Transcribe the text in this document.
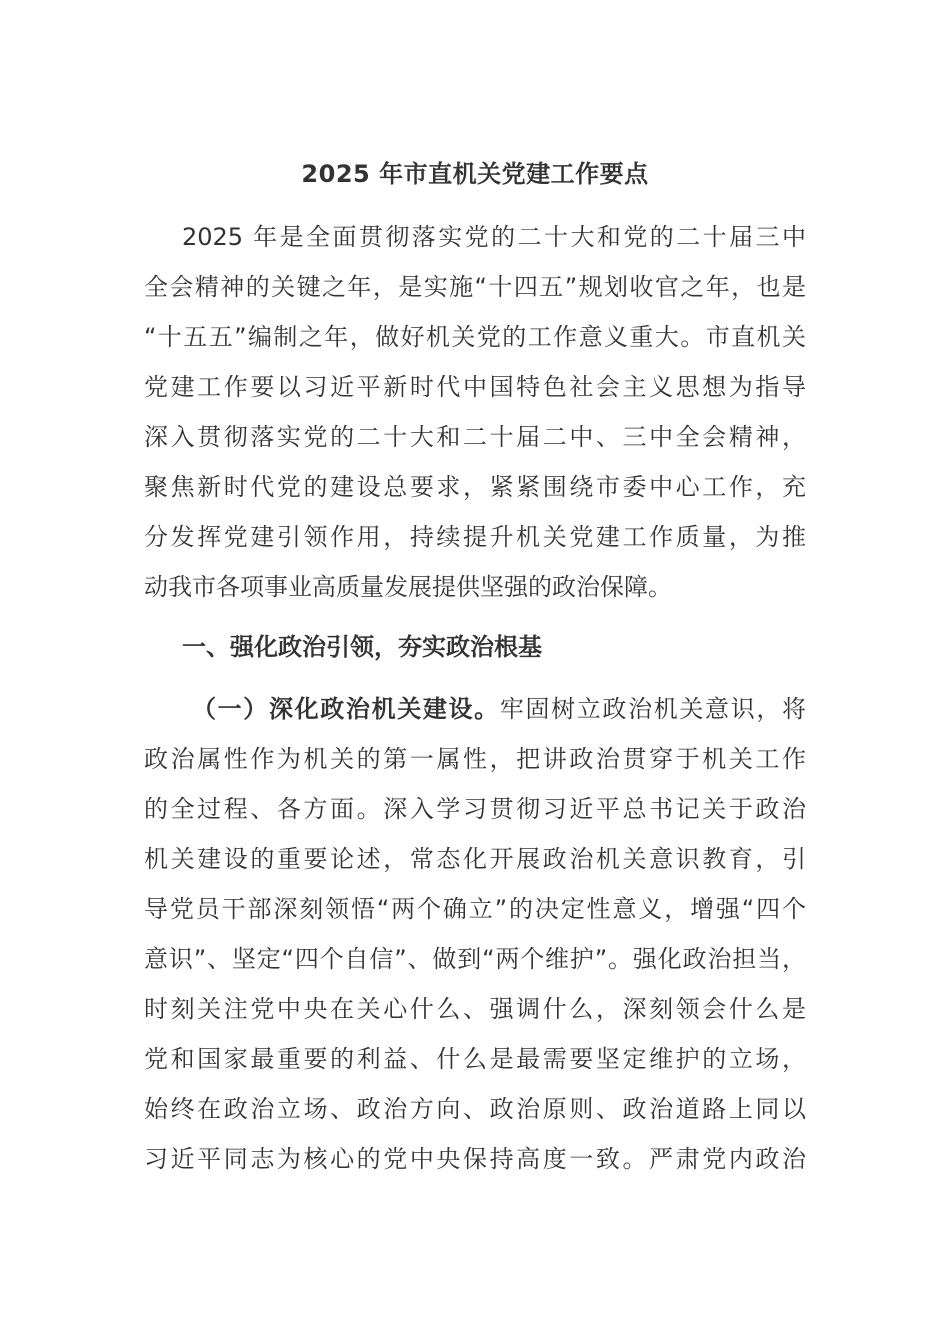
2025 年市直机关党建工作要点
2025 年是全面贯彻落实党的二十大和党的二十届三中
全会精神的关键之年，是实施“十四五”规划收官之年，也是
“十五五”编制之年，做好机关党的工作意义重大。市直机关
党建工作要以习近平新时代中国特色社会主义思想为指导
深入贯彻落实党的二十大和二十届二中、三中全会精神，
聚焦新时代党的建设总要求，紧紧围绕市委中心工作，充
分发挥党建引领作用，持续提升机关党建工作质量，为推
动我市各项事业高质量发展提供坚强的政治保障。
一、强化政治引领，夯实政治根基
（一）深化政治机关建设。牢固树立政治机关意识，将
政治属性作为机关的第一属性，把讲政治贯穿于机关工作
的全过程、各方面。深入学习贯彻习近平总书记关于政治
机关建设的重要论述，常态化开展政治机关意识教育，引
导党员干部深刻领悟“两个确立”的决定性意义，增强“四个
意识”、坚定“四个自信”、做到“两个维护”。强化政治担当，
时刻关注党中央在关心什么、强调什么，深刻领会什么是
党和国家最重要的利益、什么是最需要坚定维护的立场，
始终在政治立场、政治方向、政治原则、政治道路上同以
习近平同志为核心的党中央保持高度一致。严肃党内政治
